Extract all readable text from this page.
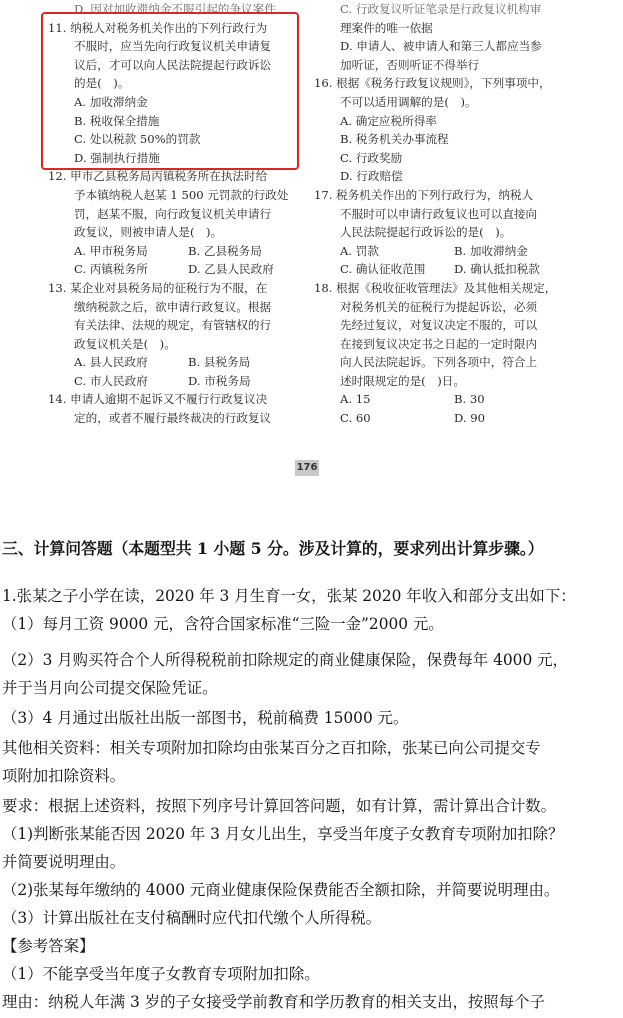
D. 因对加收滞纳金不服引起的争议案件
11. 纳税人对税务机关作出的下列行政行为
不服时，应当先向行政复议机关申请复
议后，才可以向人民法院提起行政诉讼
的是(　)。
A. 加收滞纳金
B. 税收保全措施
C. 处以税款 50%的罚款
D. 强制执行措施
12. 甲市乙县税务局丙镇税务所在执法时给
予本镇纳税人赵某 1 500 元罚款的行政处
罚，赵某不服，向行政复议机关申请行
政复议，则被申请人是(　)。
A. 甲市税务局	B. 乙县税务局
C. 丙镇税务所	D. 乙县人民政府
13. 某企业对县税务局的征税行为不服，在
缴纳税款之后，欲申请行政复议。根据
有关法律、法规的规定，有管辖权的行
政复议机关是(　)。
A. 县人民政府	B. 县税务局
C. 市人民政府	D. 市税务局
14. 申请人逾期不起诉又不履行行政复议决
定的，或者不履行最终裁决的行政复议
C. 行政复议听证笔录是行政复议机构审
理案件的唯一依据
D. 申请人、被申请人和第三人都应当参
加听证，否则听证不得举行
16. 根据《税务行政复议规则》，下列事项中，
不可以适用调解的是(　)。
A. 确定应税所得率
B. 税务机关办事流程
C. 行政奖励
D. 行政赔偿
17. 税务机关作出的下列行政行为，纳税人
不服时可以申请行政复议也可以直接向
人民法院提起行政诉讼的是(　)。
A. 罚款	B. 加收滞纳金
C. 确认征收范围	D. 确认抵扣税款
18. 根据《税收征收管理法》及其他相关规定，
对税务机关的征税行为提起诉讼，必须
先经过复议，对复议决定不服的，可以
在接到复议决定书之日起的一定时限内
向人民法院起诉。下列各项中，符合上
述时限规定的是(　)日。
A. 15	B. 30
C. 60	D. 90
176
三、计算问答题（本题型共 1 小题 5 分。涉及计算的，要求列出计算步骤。）
1.张某之子小学在读，2020 年 3 月生育一女，张某 2020 年收入和部分支出如下：
（1）每月工资 9000 元，含符合国家标准“三险一金”2000 元。
（2）3 月购买符合个人所得税税前扣除规定的商业健康保险，保费每年 4000 元，
并于当月向公司提交保险凭证。
（3）4 月通过出版社出版一部图书，税前稿费 15000 元。
其他相关资料：相关专项附加扣除均由张某百分之百扣除，张某已向公司提交专
项附加扣除资料。
要求：根据上述资料，按照下列序号计算回答问题，如有计算，需计算出合计数。
（1)判断张某能否因 2020 年 3 月女儿出生，享受当年度子女教育专项附加扣除？
并简要说明理由。
（2)张某每年缴纳的 4000 元商业健康保险保费能否全额扣除，并简要说明理由。
（3）计算出版社在支付稿酬时应代扣代缴个人所得税。
【参考答案】
（1）不能享受当年度子女教育专项附加扣除。
理由：纳税人年满 3 岁的子女接受学前教育和学历教育的相关支出，按照每个子
